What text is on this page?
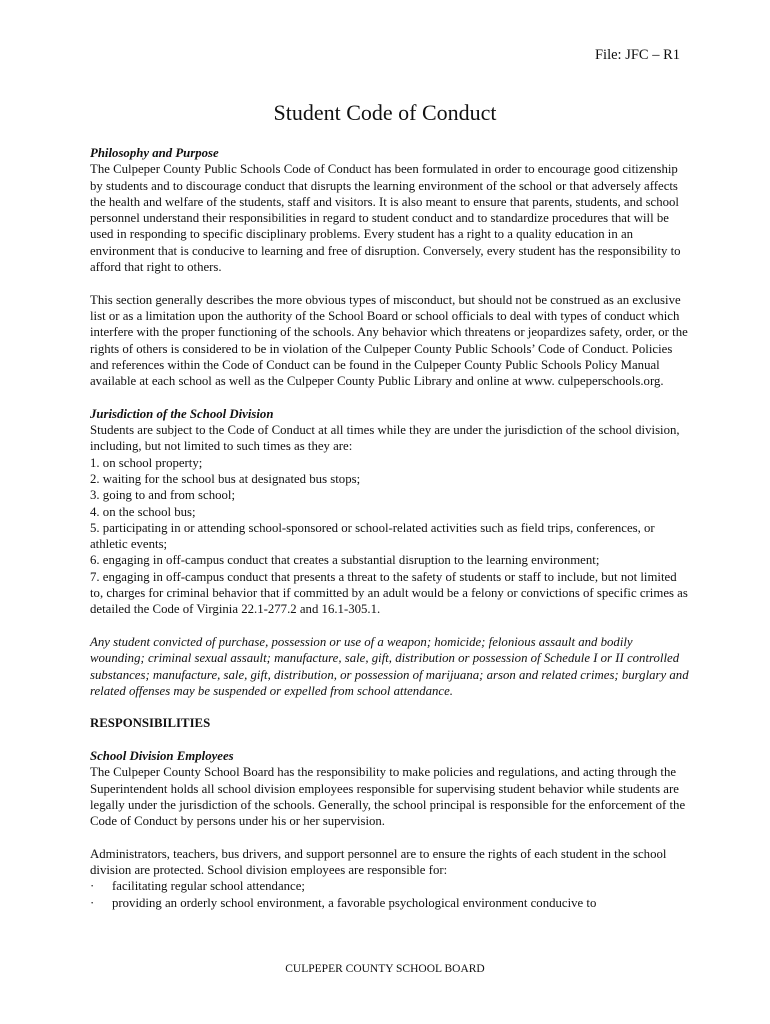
File: JFC – R1
Student Code of Conduct
Philosophy and Purpose

The Culpeper County Public Schools Code of Conduct has been formulated in order to encourage good citizenship by students and to discourage conduct that disrupts the learning environment of the school or that adversely affects the health and welfare of the students, staff and visitors. It is also meant to ensure that parents, students, and school personnel understand their responsibilities in regard to student conduct and to standardize procedures that will be used in responding to specific disciplinary problems. Every student has a right to a quality education in an environment that is conducive to learning and free of disruption. Conversely, every student has the responsibility to afford that right to others.

This section generally describes the more obvious types of misconduct, but should not be construed as an exclusive list or as a limitation upon the authority of the School Board or school officials to deal with types of conduct which interfere with the proper functioning of the schools. Any behavior which threatens or jeopardizes safety, order, or the rights of others is considered to be in violation of the Culpeper County Public Schools’ Code of Conduct. Policies and references within the Code of Conduct can be found in the Culpeper County Public Schools Policy Manual available at each school as well as the Culpeper County Public Library and online at www. culpeperschools.org.

Jurisdiction of the School Division
Students are subject to the Code of Conduct at all times while they are under the jurisdiction of the school division, including, but not limited to such times as they are:
1. on school property;
2. waiting for the school bus at designated bus stops;
3. going to and from school;
4. on the school bus;
5. participating in or attending school-sponsored or school-related activities such as field trips, conferences, or athletic events;
6. engaging in off-campus conduct that creates a substantial disruption to the learning environment;
7. engaging in off-campus conduct that presents a threat to the safety of students or staff to include, but not limited to, charges for criminal behavior that if committed by an adult would be a felony or convictions of specific crimes as detailed the Code of Virginia 22.1-277.2 and 16.1-305.1.

Any student convicted of purchase, possession or use of a weapon; homicide; felonious assault and bodily wounding; criminal sexual assault; manufacture, sale, gift, distribution or possession of Schedule I or II controlled substances; manufacture, sale, gift, distribution, or possession of marijuana; arson and related crimes; burglary and related offenses may be suspended or expelled from school attendance.

RESPONSIBILITIES
School Division Employees

The Culpeper County School Board has the responsibility to make policies and regulations, and acting through the Superintendent holds all school division employees responsible for supervising student behavior while students are legally under the jurisdiction of the schools. Generally, the school principal is responsible for the enforcement of the Code of Conduct by persons under his or her supervision.

Administrators, teachers, bus drivers, and support personnel are to ensure the rights of each student in the school division are protected. School division employees are responsible for:
· facilitating regular school attendance;
· providing an orderly school environment, a favorable psychological environment conducive to
CULPEPER COUNTY SCHOOL BOARD
